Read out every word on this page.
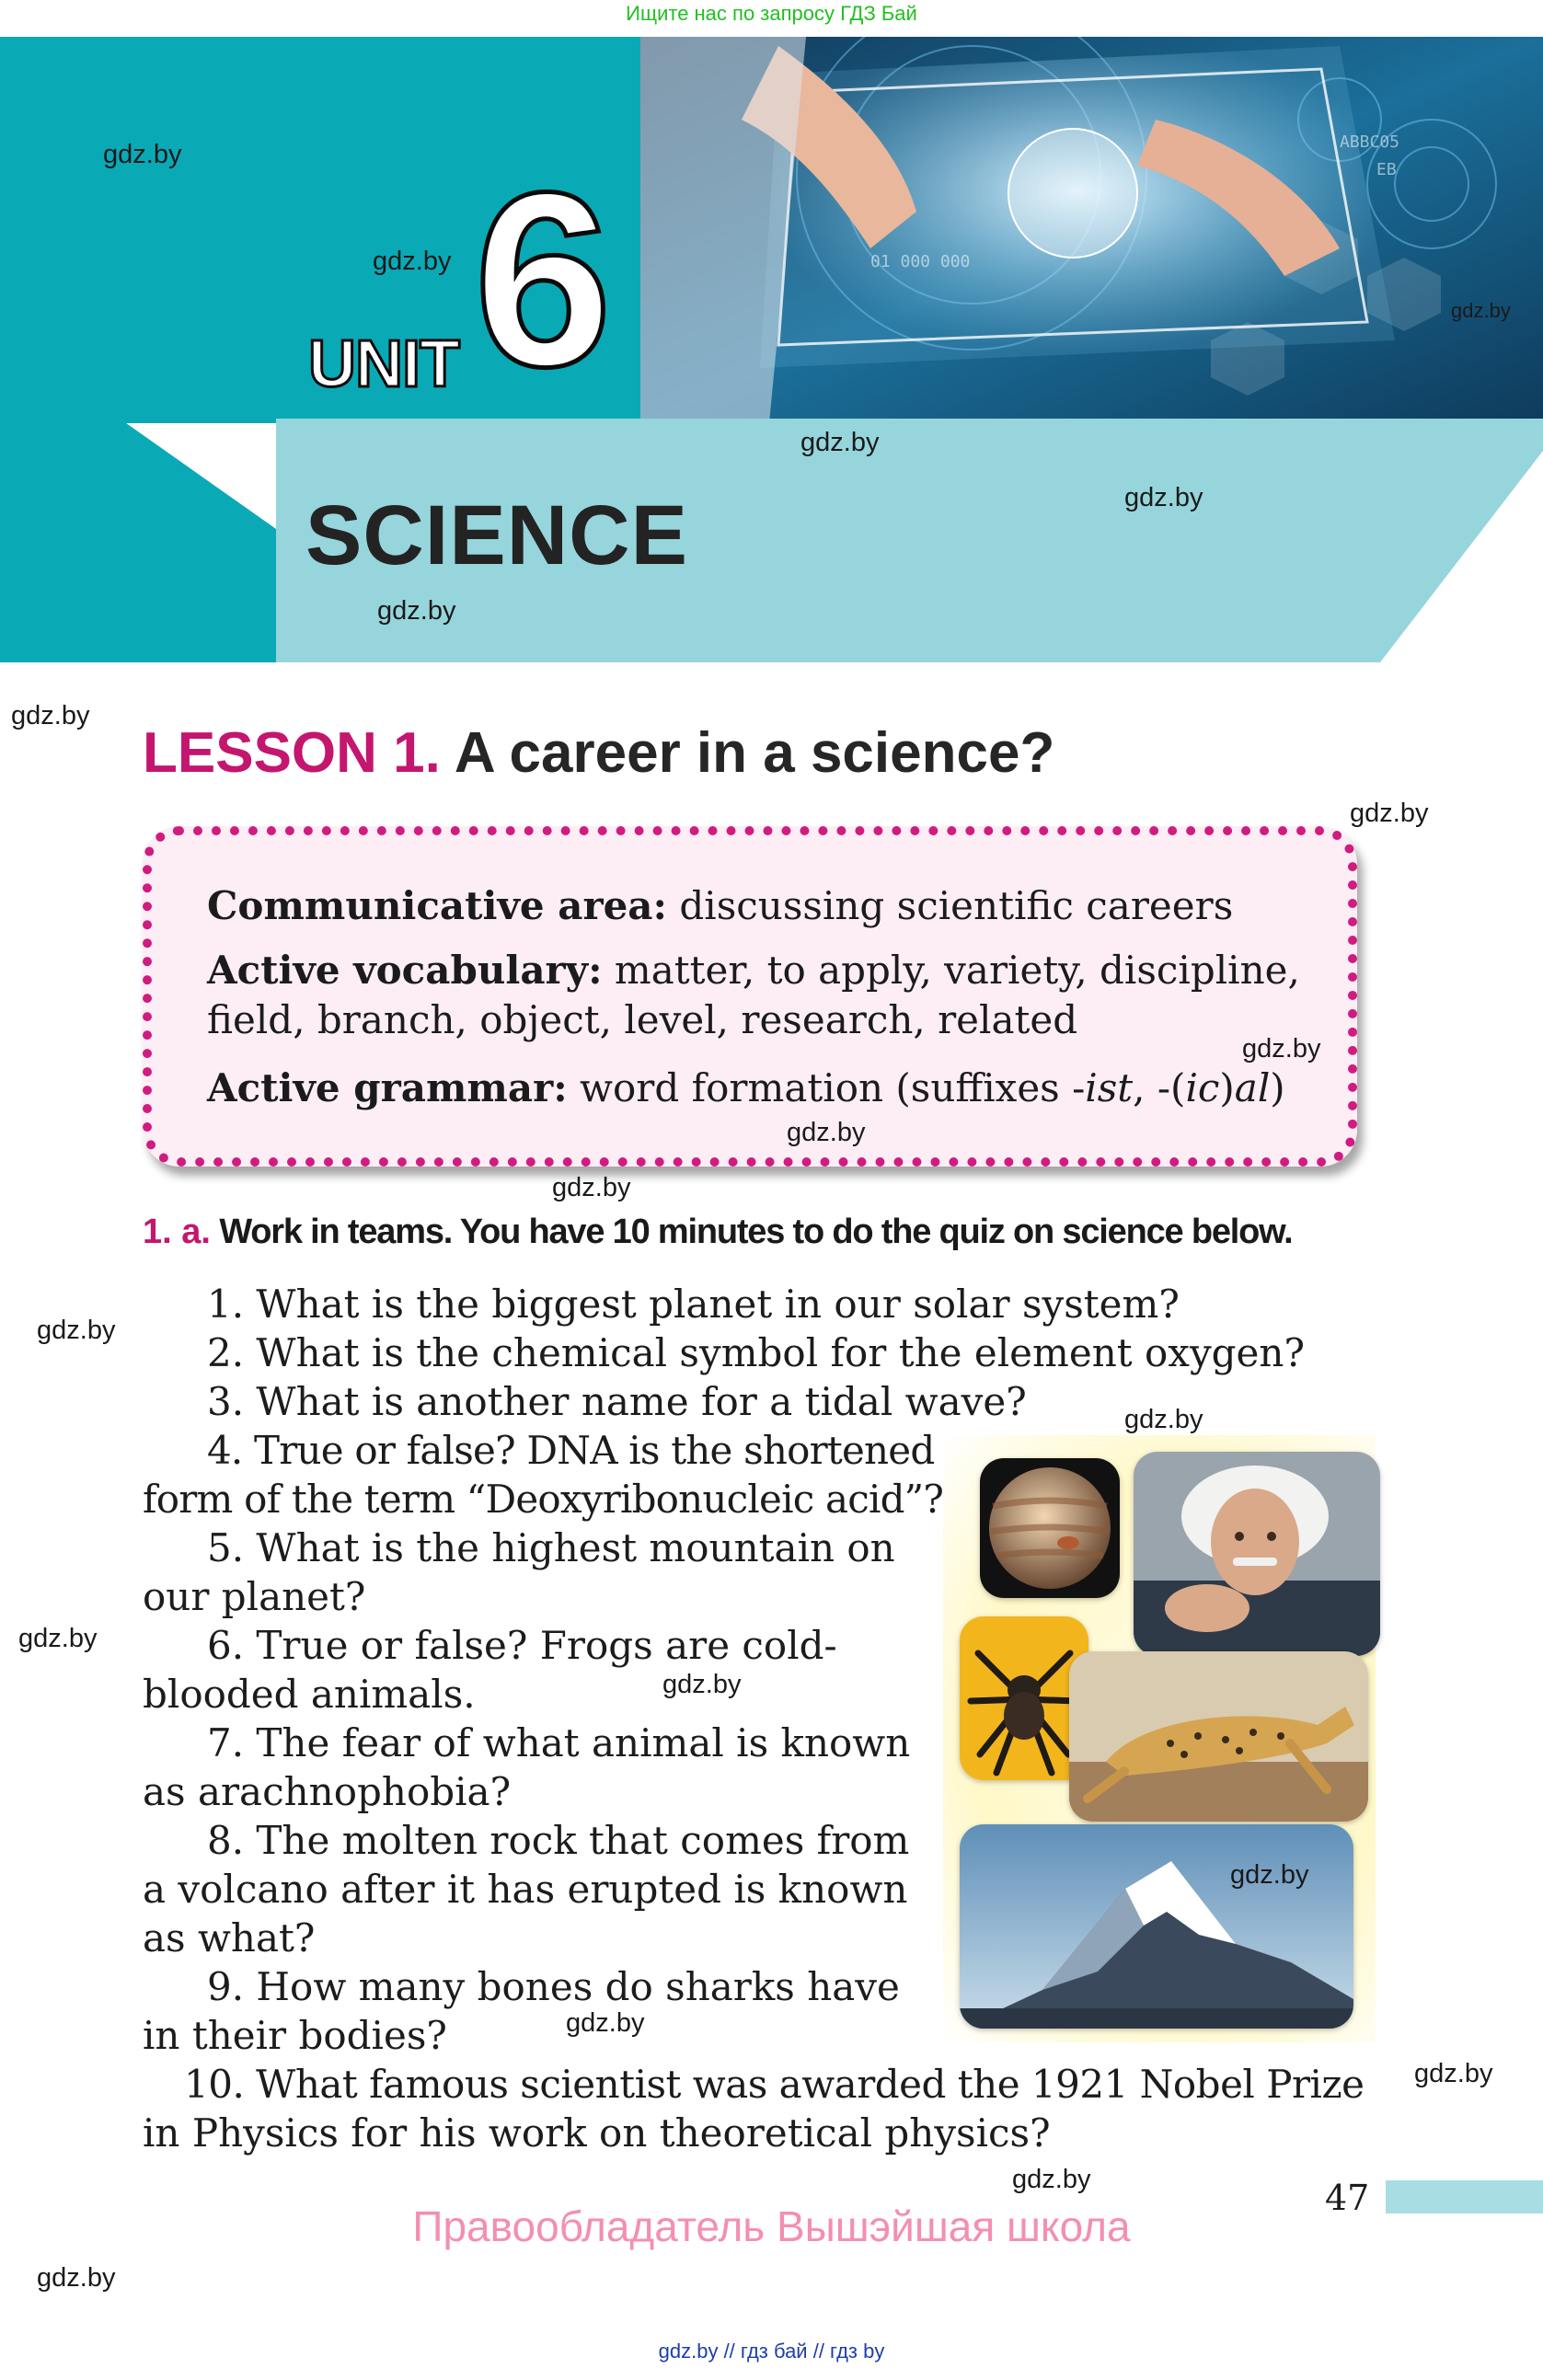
Ищите нас по запросу ГДЗ Бай
ABBC05
EB
01 000 000
UNIT 6
SCIENCE
LESSON 1. A career in a science?
Communicative area: discussing scientific careers
Active vocabulary: matter, to apply, variety, discipline,
field, branch, object, level, research, related
Active grammar: word formation (suffixes -ist, -(ic)al)
1. a. Work in teams. You have 10 minutes to do the quiz on science below.
1. What is the biggest planet in our solar system?
2. What is the chemical symbol for the element oxygen?
3. What is another name for a tidal wave?
4. True or false? DNA is the shortened
form of the term “Deoxyribonucleic acid”?
5. What is the highest mountain on
our planet?
6. True or false? Frogs are cold-
blooded animals.
7. The fear of what animal is known
as arachnophobia?
8. The molten rock that comes from
a volcano after it has erupted is known
as what?
9. How many bones do sharks have
in their bodies?
10. What famous scientist was awarded the 1921 Nobel Prize
in Physics for his work on theoretical physics?
47
Правообладатель Вышэйшая школа
gdz.by
gdz.by
gdz.by
gdz.by
gdz.by
gdz.by
gdz.by
gdz.by
gdz.by
gdz.by
gdz.by
gdz.by
gdz.by
gdz.by
gdz.by
gdz.by
gdz.by
gdz.by
gdz.by
gdz.by
gdz.by // гдз бай // гдз by
